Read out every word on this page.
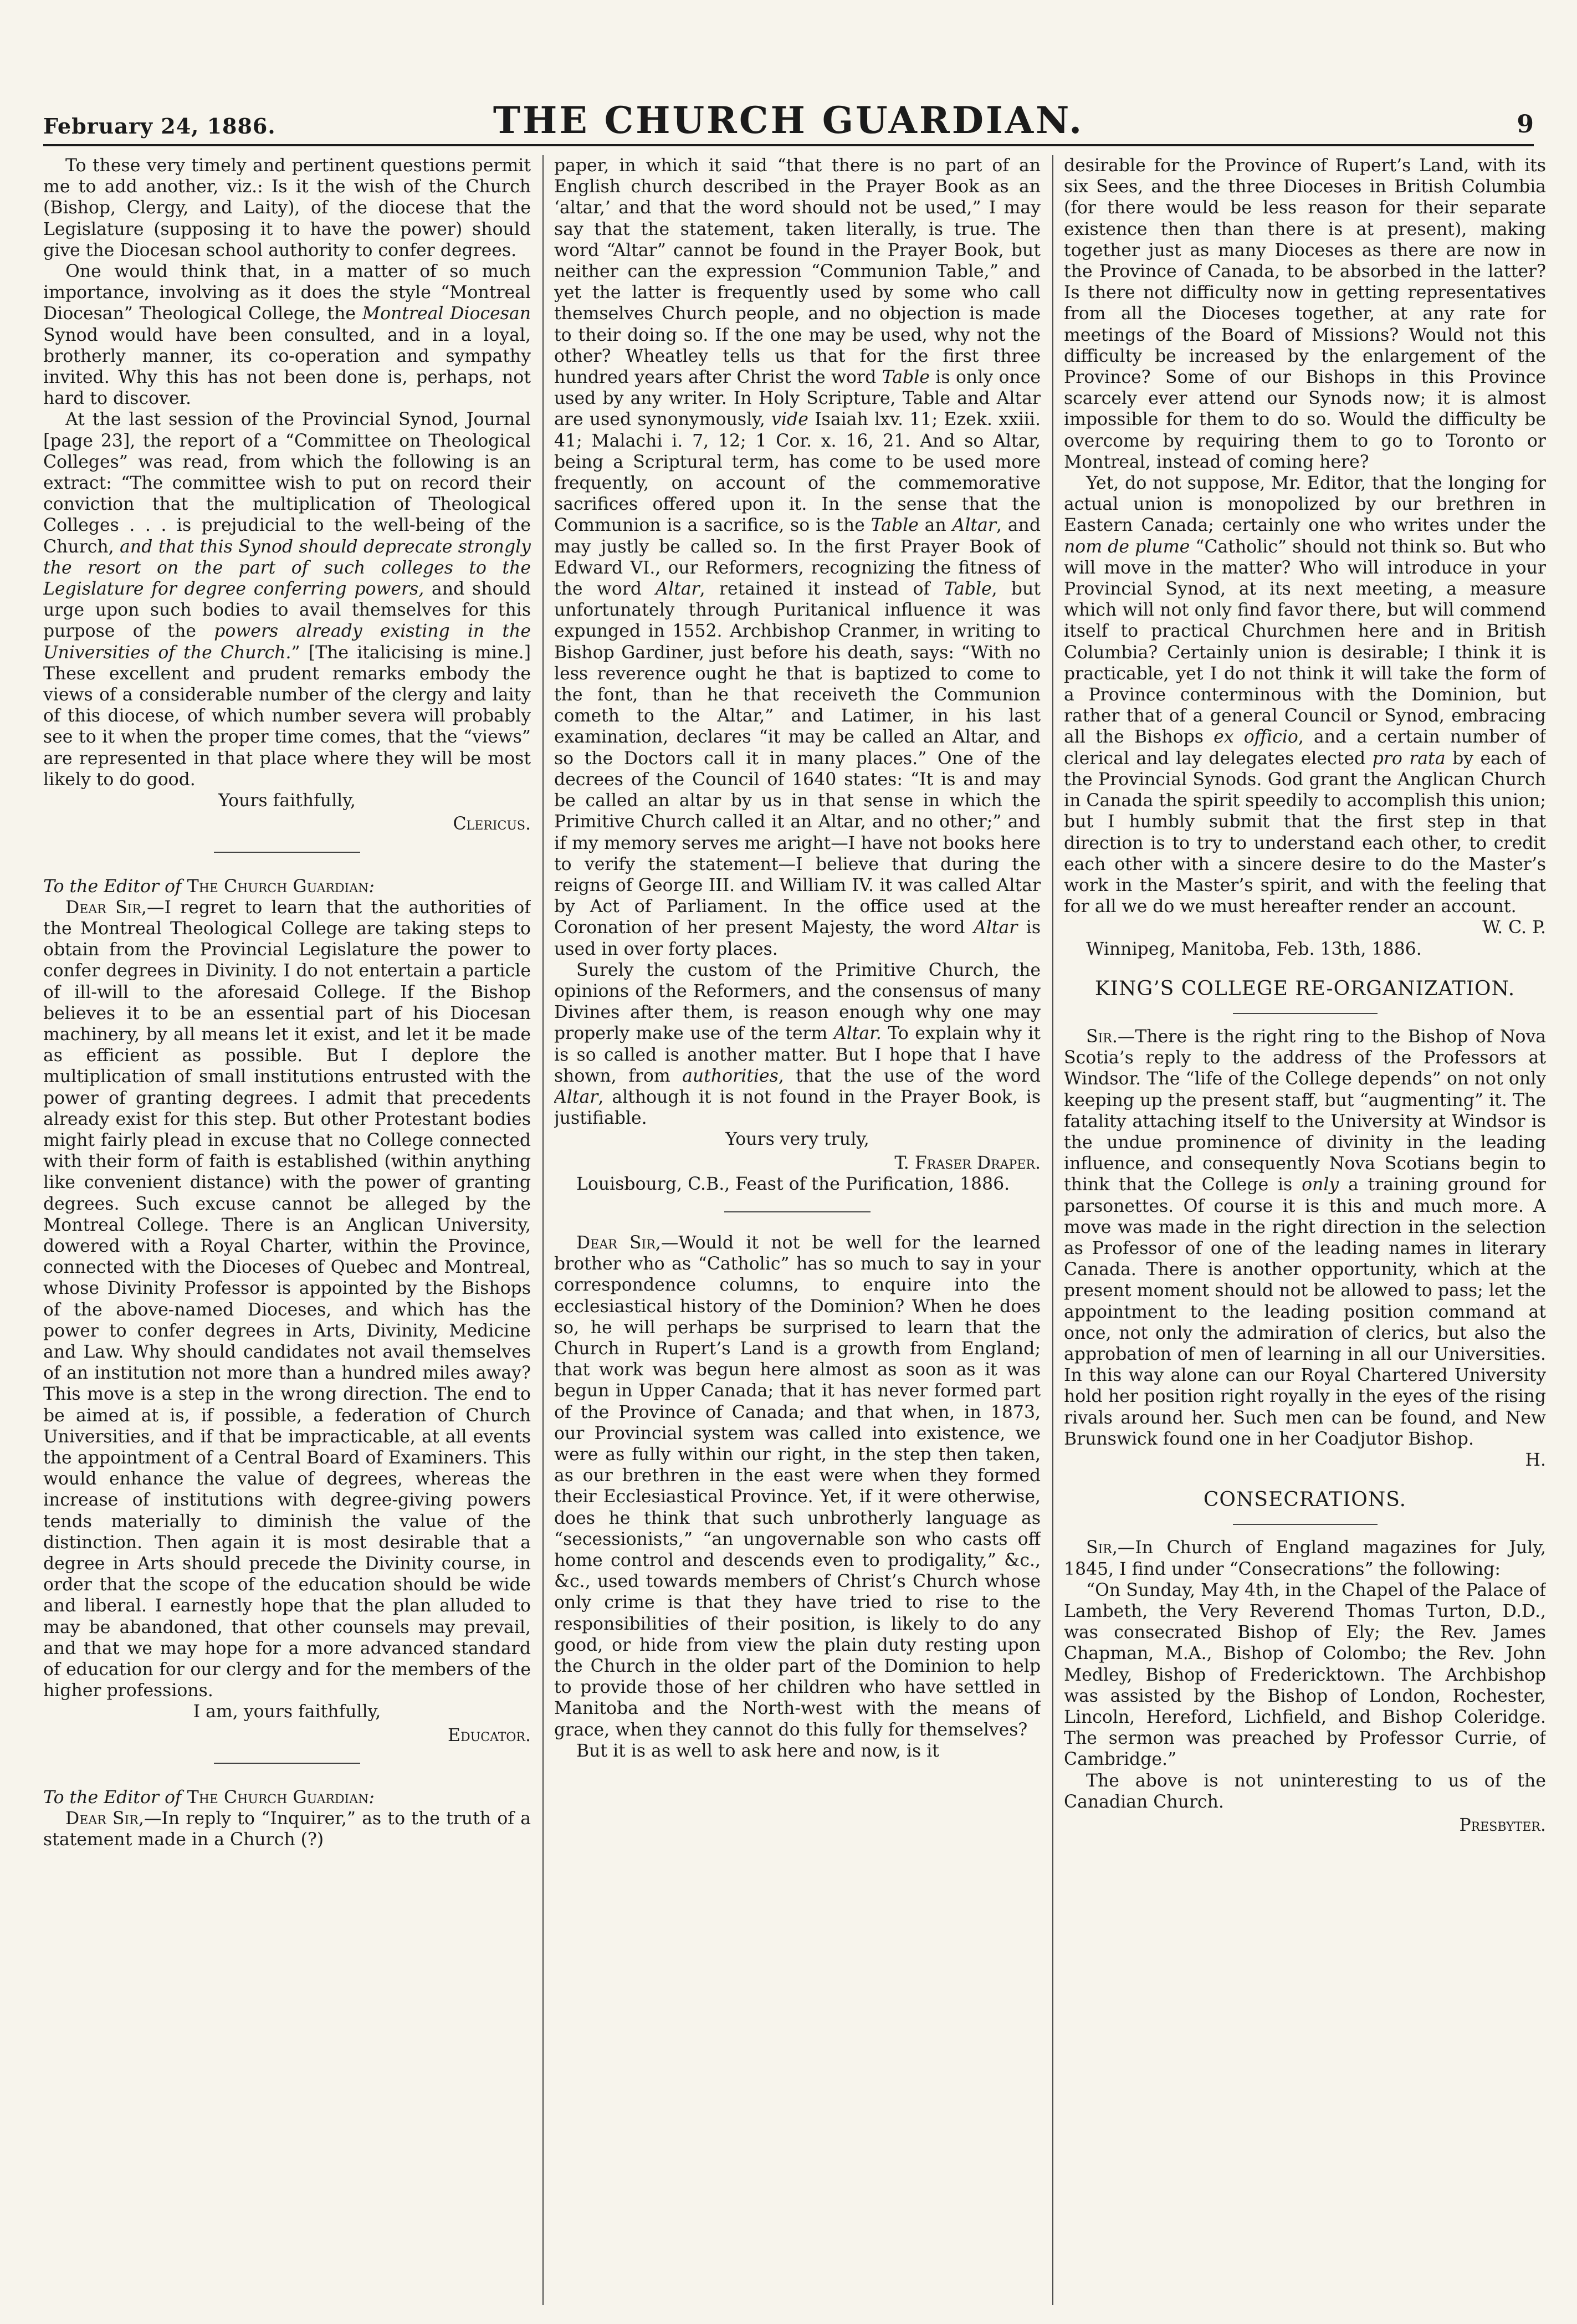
February 24, 1886.	THE CHURCH GUARDIAN.	9

To these very timely and pertinent questions permit me to add another, viz.: Is it the wish of the Church (Bishop, Clergy, and Laity), of the diocese that the Legislature (supposing it to have the power) should give the Diocesan school authority to confer degrees.

One would think that, in a matter of so much importance, involving as it does the style “Montreal Diocesan” Theological College, the Montreal Diocesan Synod would have been consulted, and in a loyal, brotherly manner, its co-operation and sympathy invited. Why this has not been done is, perhaps, not hard to discover.

At the last session of the Provincial Synod, Journal [page 23], the report of a “Committee on Theological Colleges” was read, from which the following is an extract: “The committee wish to put on record their conviction that the multiplication of Theological Colleges . . . is prejudicial to the well-being of the Church, and that this Synod should deprecate strongly the resort on the part of such colleges to the Legislature for degree conferring powers, and should urge upon such bodies to avail themselves for this purpose of the powers already existing in the Universities of the Church.” [The italicising is mine.] These excellent and prudent remarks embody the views of a considerable number of the clergy and laity of this diocese, of which number severa will probably see to it when the proper time comes, that the “views” are represented in that place where they will be most likely to do good.

Yours faithfully,

Clericus.

To the Editor of The Church Guardian:

Dear Sir,—I regret to learn that the authorities of the Montreal Theological College are taking steps to obtain from the Provincial Legislature the power to confer degrees in Divinity. I do not entertain a particle of ill-will to the aforesaid College. If the Bishop believes it to be an essential part of his Diocesan machinery, by all means let it exist, and let it be made as efficient as possible. But I deplore the multiplication of small institutions entrusted with the power of granting degrees. I admit that precedents already exist for this step. But other Protestant bodies might fairly plead in excuse that no College connected with their form of faith is established (within anything like convenient distance) with the power of granting degrees. Such excuse cannot be alleged by the Montreal College. There is an Anglican University, dowered with a Royal Charter, within the Province, connected with the Dioceses of Quebec and Montreal, whose Divinity Professor is appointed by the Bishops of the above-named Dioceses, and which has the power to confer degrees in Arts, Divinity, Medicine and Law. Why should candidates not avail themselves of an institution not more than a hundred miles away? This move is a step in the wrong direction. The end to be aimed at is, if possible, a federation of Church Universities, and if that be impracticable, at all events the appointment of a Central Board of Examiners. This would enhance the value of degrees, whereas the increase of institutions with degree-giving powers tends materially to diminish the value of the distinction. Then again it is most desirable that a degree in Arts should precede the Divinity course, in order that the scope of the education should be wide and liberal. I earnestly hope that the plan alluded to may be abandoned, that other counsels may prevail, and that we may hope for a more advanced standard of education for our clergy and for the members of the higher professions.

I am, yours faithfully,

Educator.

To the Editor of The Church Guardian:

Dear Sir,—In reply to “Inquirer,” as to the truth of a statement made in a Church (?)

paper, in which it said “that there is no part of an English church described in the Prayer Book as an ‘altar,’ and that the word should not be used,” I may say that the statement, taken literally, is true. The word “Altar” cannot be found in the Prayer Book, but neither can the expression “Communion Table,” and yet the latter is frequently used by some who call themselves Church people, and no objection is made to their doing so. If the one may be used, why not the other? Wheatley tells us that for the first three hundred years after Christ the word Table is only once used by any writer. In Holy Scripture, Table and Altar are used synonymously, vide Isaiah lxv. 11; Ezek. xxiii. 41; Malachi i. 7, 12; 1 Cor. x. 16, 21. And so Altar, being a Scriptural term, has come to be used more frequently, on account of the commemorative sacrifices offered upon it. In the sense that the Communion is a sacrifice, so is the Table an Altar, and may justly be called so. In the first Prayer Book of Edward VI., our Reformers, recognizing the fitness of the word Altar, retained it instead of Table, but unfortunately through Puritanical influence it was expunged in 1552. Archbishop Cranmer, in writing to Bishop Gardiner, just before his death, says: “With no less reverence ought he that is baptized to come to the font, than he that receiveth the Communion cometh to the Altar,” and Latimer, in his last examination, declares “it may be called an Altar, and so the Doctors call it in many places.” One of the decrees of the Council of 1640 states: “It is and may be called an altar by us in that sense in which the Primitive Church called it an Altar, and no other;” and if my memory serves me aright—I have not books here to verify the statement—I believe that during the reigns of George III. and William IV. it was called Altar by Act of Parliament. In the office used at the Coronation of her present Majesty, the word Altar is used in over forty places.

Surely the custom of the Primitive Church, the opinions of the Reformers, and the consensus of many Divines after them, is reason enough why one may properly make use of the term Altar. To explain why it is so called is another matter. But I hope that I have shown, from authorities, that the use of the word Altar, although it is not found in the Prayer Book, is justifiable.

Yours very truly,

T. Fraser Draper.

Louisbourg, C.B., Feast of the Purification, 1886.

Dear Sir,—Would it not be well for the learned brother who as “Catholic” has so much to say in your correspondence columns, to enquire into the ecclesiastical history of the Dominion? When he does so, he will perhaps be surprised to learn that the Church in Rupert’s Land is a growth from England; that work was begun here almost as soon as it was begun in Upper Canada; that it has never formed part of the Province of Canada; and that when, in 1873, our Provincial system was called into existence, we were as fully within our right, in the step then taken, as our brethren in the east were when they formed their Ecclesiastical Province. Yet, if it were otherwise, does he think that such unbrotherly language as “secessionists,” “an ungovernable son who casts off home control and descends even to prodigality,” &c., &c., used towards members of Christ’s Church whose only crime is that they have tried to rise to the responsibilities of their position, is likely to do any good, or hide from view the plain duty resting upon the Church in the older part of the Dominion to help to provide those of her children who have settled in Manitoba and the North-west with the means of grace, when they cannot do this fully for themselves?

But it is as well to ask here and now, is it

desirable for the Province of Rupert’s Land, with its six Sees, and the three Dioceses in British Columbia (for there would be less reason for their separate existence then than there is at present), making together just as many Dioceses as there are now in the Province of Canada, to be absorbed in the latter? Is there not difficulty now in getting representatives from all the Dioceses together, at any rate for meetings of the Board of Missions? Would not this difficulty be increased by the enlargement of the Province? Some of our Bishops in this Province scarcely ever attend our Synods now; it is almost impossible for them to do so. Would the difficulty be overcome by requiring them to go to Toronto or Montreal, instead of coming here?

Yet, do not suppose, Mr. Editor, that the longing for actual union is monopolized by our brethren in Eastern Canada; certainly one who writes under the nom de plume “Catholic” should not think so. But who will move in the matter? Who will introduce in your Provincial Synod, at its next meeting, a measure which will not only find favor there, but will commend itself to practical Churchmen here and in British Columbia? Certainly union is desirable; I think it is practicable, yet I do not think it will take the form of a Province conterminous with the Dominion, but rather that of a general Council or Synod, embracing all the Bishops ex officio, and a certain number of clerical and lay delegates elected pro rata by each of the Provincial Synods. God grant the Anglican Church in Canada the spirit speedily to accomplish this union; but I humbly submit that the first step in that direction is to try to understand each other, to credit each other with a sincere desire to do the Master’s work in the Master’s spirit, and with the feeling that for all we do we must hereafter render an account.

W. C. P.

Winnipeg, Manitoba, Feb. 13th, 1886.

KING’S COLLEGE RE-ORGANIZATION.

Sir.—There is the right ring to the Bishop of Nova Scotia’s reply to the address of the Professors at Windsor. The “life of the College depends” on not only keeping up the present staff, but “augmenting” it. The fatality attaching itself to the University at Windsor is the undue prominence of divinity in the leading influence, and consequently Nova Scotians begin to think that the College is only a training ground for parsonettes. Of course it is this and much more. A move was made in the right direction in the selection as Professor of one of the leading names in literary Canada. There is another opportunity, which at the present moment should not be allowed to pass; let the appointment to the leading position command at once, not only the admiration of clerics, but also the approbation of men of learning in all our Universities. In this way alone can our Royal Chartered University hold her position right royally in the eyes of the rising rivals around her. Such men can be found, and New Brunswick found one in her Coadjutor Bishop.

H.
CONSECRATIONS.

Sir,—In Church of England magazines for July, 1845, I find under “Consecrations” the following:

“On Sunday, May 4th, in the Chapel of the Palace of Lambeth, the Very Reverend Thomas Turton, D.D., was consecrated Bishop of Ely; the Rev. James Chapman, M.A., Bishop of Colombo; the Rev. John Medley, Bishop of Fredericktown. The Archbishop was assisted by the Bishop of London, Rochester, Lincoln, Hereford, Lichfield, and Bishop Coleridge. The sermon was preached by Professor Currie, of Cambridge.”

The above is not uninteresting to us of the Canadian Church.

Presbyter.
